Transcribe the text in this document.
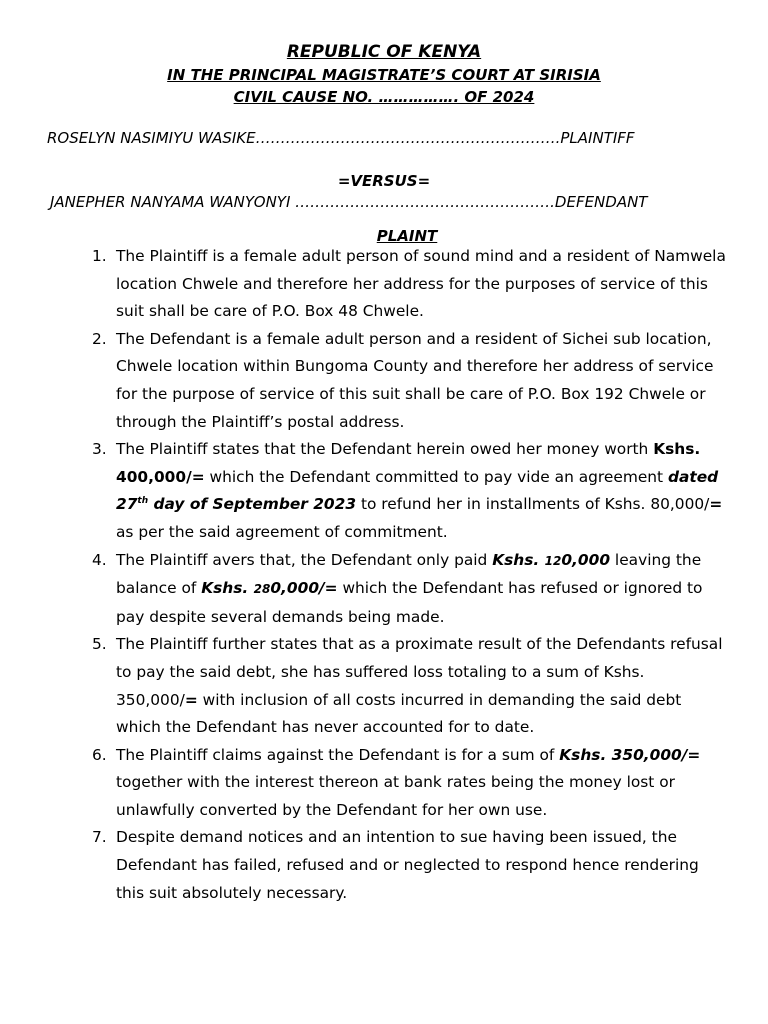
REPUBLIC OF KENYA
IN THE PRINCIPAL MAGISTRATE’S COURT AT SIRISIA
CIVIL CAUSE NO. ……………. OF 2024
ROSELYN NASIMIYU WASIKE…………………………………………………….PLAINTIFF
=VERSUS=
JANEPHER NANYAMA WANYONYI …………………………………………….DEFENDANT
PLAINT
1. The Plaintiff is a female adult person of sound mind and a resident of Namwela location Chwele and therefore her address for the purposes of service of this suit shall be care of P.O. Box 48 Chwele.
2. The Defendant is a female adult person and a resident of Sichei sub location, Chwele location within Bungoma County and therefore her address of service for the purpose of service of this suit shall be care of P.O. Box 192 Chwele or through the Plaintiff’s postal address.
3. The Plaintiff states that the Defendant herein owed her money worth Kshs. 400,000/= which the Defendant committed to pay vide an agreement dated 27th day of September 2023 to refund her in installments of Kshs. 80,000/= as per the said agreement of commitment.
4. The Plaintiff avers that, the Defendant only paid Kshs. 120,000 leaving the balance of Kshs. 280,000/= which the Defendant has refused or ignored to pay despite several demands being made.
5. The Plaintiff further states that as a proximate result of the Defendants refusal to pay the said debt, she has suffered loss totaling to a sum of Kshs. 350,000/= with inclusion of all costs incurred in demanding the said debt which the Defendant has never accounted for to date.
6. The Plaintiff claims against the Defendant is for a sum of Kshs. 350,000/= together with the interest thereon at bank rates being the money lost or unlawfully converted by the Defendant for her own use.
7. Despite demand notices and an intention to sue having been issued, the Defendant has failed, refused and or neglected to respond hence rendering this suit absolutely necessary.
